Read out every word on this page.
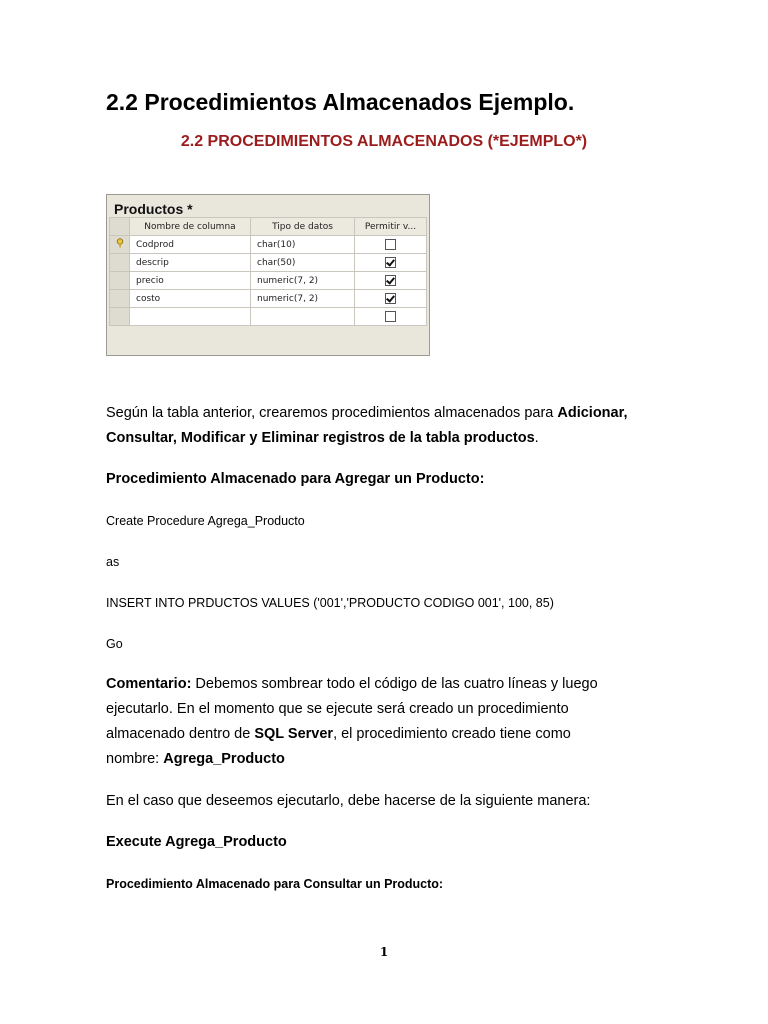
2.2 Procedimientos Almacenados Ejemplo.
2.2 PROCEDIMIENTOS ALMACENADOS (*EJEMPLO*)
Productos *
	Nombre de columna	Tipo de datos	Permitir v...
	Codprod	char(10)	
	descrip	char(50)	
	precio	numeric(7, 2)	
	costo	numeric(7, 2)	

Según la tabla anterior, crearemos procedimientos almacenados para Adicionar,
Consultar, Modificar y Eliminar registros de la tabla productos.
Procedimiento Almacenado para Agregar un Producto:
Create Procedure Agrega_Producto
as
INSERT INTO PRDUCTOS VALUES ('001','PRODUCTO CODIGO 001', 100, 85)
Go
Comentario: Debemos sombrear todo el código de las cuatro líneas y luego
ejecutarlo. En el momento que se ejecute será creado un procedimiento
almacenado dentro de SQL Server, el procedimiento creado tiene como
nombre: Agrega_Producto
En el caso que deseemos ejecutarlo, debe hacerse de la siguiente manera:
Execute Agrega_Producto
Procedimiento Almacenado para Consultar un Producto:
1
